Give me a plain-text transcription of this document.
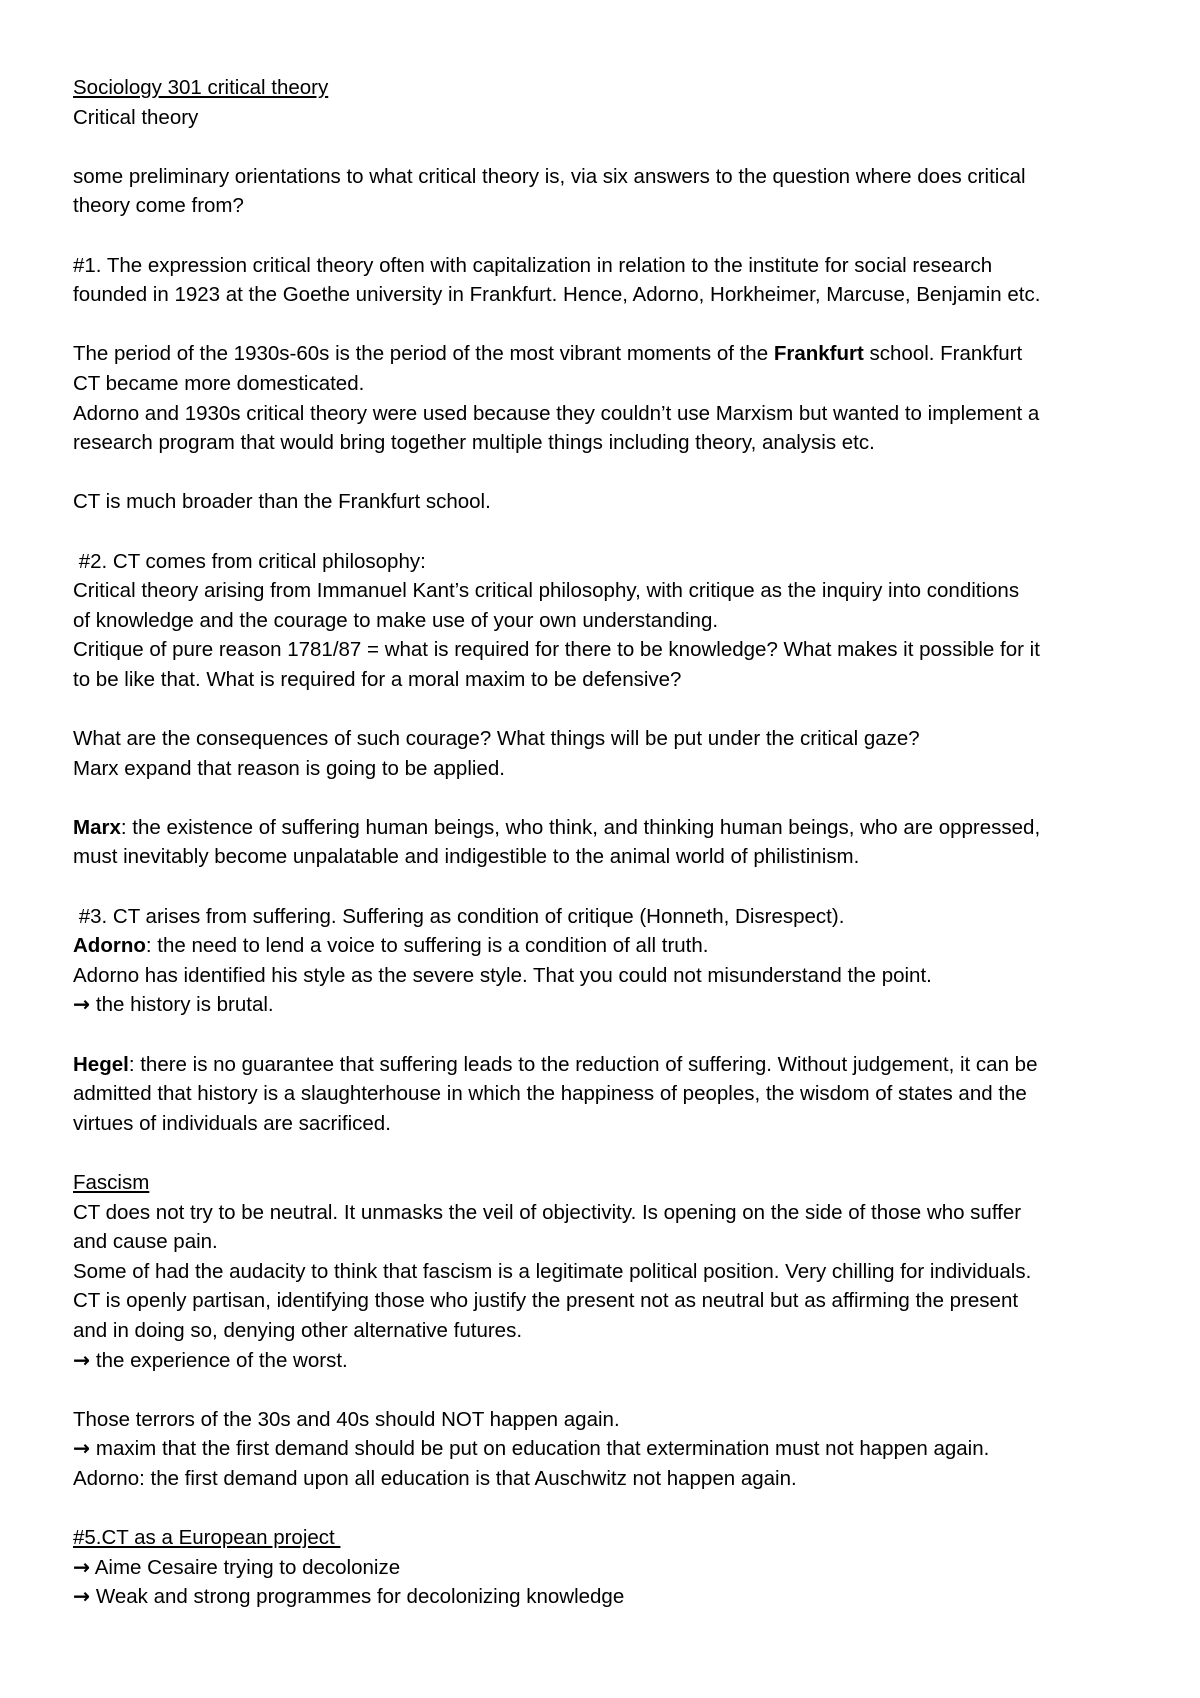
Sociology 301 critical theory
Critical theory
some preliminary orientations to what critical theory is, via six answers to the question where does critical
theory come from?
#1. The expression critical theory often with capitalization in relation to the institute for social research
founded in 1923 at the Goethe university in Frankfurt. Hence, Adorno, Horkheimer, Marcuse, Benjamin etc.
The period of the 1930s-60s is the period of the most vibrant moments of the Frankfurt school. Frankfurt
CT became more domesticated.
Adorno and 1930s critical theory were used because they couldn’t use Marxism but wanted to implement a
research program that would bring together multiple things including theory, analysis etc.
CT is much broader than the Frankfurt school.
#2. CT comes from critical philosophy:
Critical theory arising from Immanuel Kant’s critical philosophy, with critique as the inquiry into conditions
of knowledge and the courage to make use of your own understanding.
Critique of pure reason 1781/87 = what is required for there to be knowledge? What makes it possible for it
to be like that. What is required for a moral maxim to be defensive?
What are the consequences of such courage? What things will be put under the critical gaze?
Marx expand that reason is going to be applied.
Marx: the existence of suffering human beings, who think, and thinking human beings, who are oppressed,
must inevitably become unpalatable and indigestible to the animal world of philistinism.
#3. CT arises from suffering. Suffering as condition of critique (Honneth, Disrespect).
Adorno: the need to lend a voice to suffering is a condition of all truth.
Adorno has identified his style as the severe style. That you could not misunderstand the point.
→ the history is brutal.
Hegel: there is no guarantee that suffering leads to the reduction of suffering. Without judgement, it can be
admitted that history is a slaughterhouse in which the happiness of peoples, the wisdom of states and the
virtues of individuals are sacrificed.
Fascism
CT does not try to be neutral. It unmasks the veil of objectivity. Is opening on the side of those who suffer
and cause pain.
Some of had the audacity to think that fascism is a legitimate political position. Very chilling for individuals.
CT is openly partisan, identifying those who justify the present not as neutral but as affirming the present
and in doing so, denying other alternative futures.
→ the experience of the worst.
Those terrors of the 30s and 40s should NOT happen again.
→ maxim that the first demand should be put on education that extermination must not happen again.
Adorno: the first demand upon all education is that Auschwitz not happen again.
#5.CT as a European project
→ Aime Cesaire trying to decolonize
→ Weak and strong programmes for decolonizing knowledge
